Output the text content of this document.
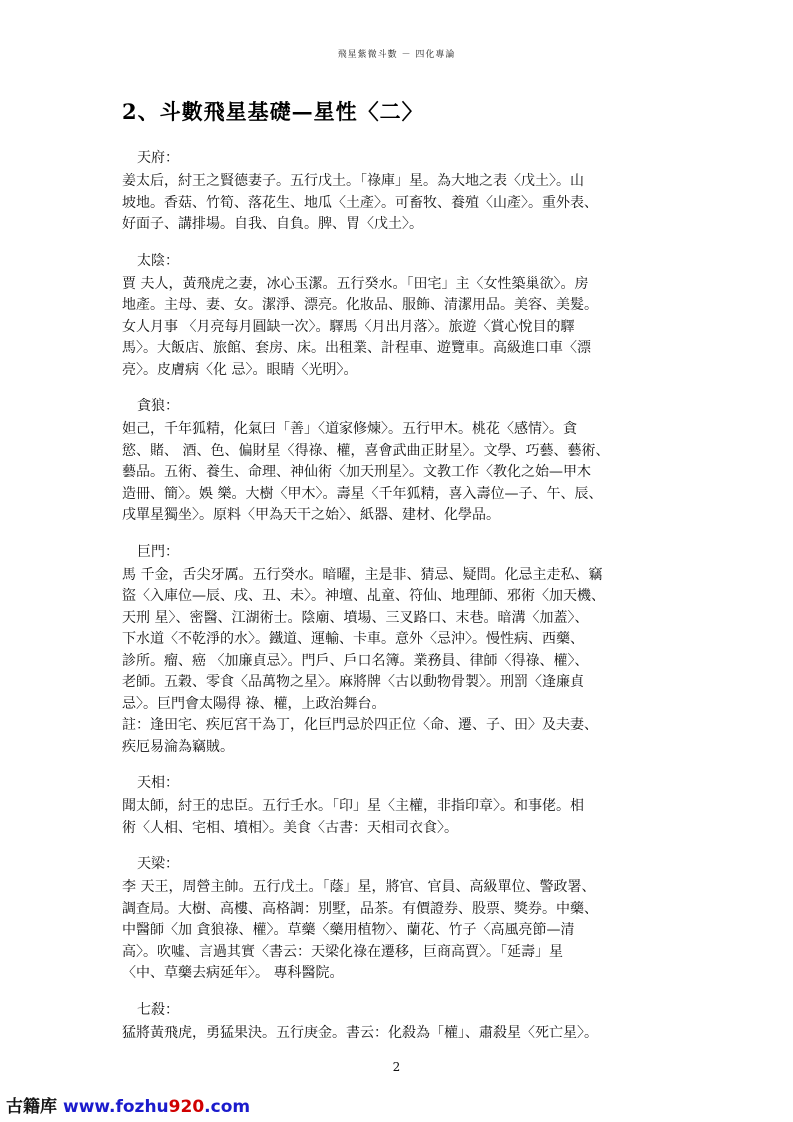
飛星紫微斗數 － 四化專論
2、斗數飛星基礎—星性〈二〉
天府：
姜太后，紂王之賢德妻子。五行戊土。「祿庫」星。為大地之表〈戊土〉。山
坡地。香菇、竹筍、落花生、地瓜〈土產〉。可畜牧、養殖〈山產〉。重外表、
好面子、講排場。自我、自負。脾、胃〈戊土〉。
太陰：
賈 夫人，黃飛虎之妻，冰心玉潔。五行癸水。「田宅」主〈女性築巢欲〉。房
地產。主母、妻、女。潔淨、漂亮。化妝品、服飾、清潔用品。美容、美髮。
女人月事 〈月亮每月圓缺一次〉。驛馬〈月出月落〉。旅遊〈賞心悅目的驛
馬〉。大飯店、旅館、套房、床。出租業、計程車、遊覽車。高級進口車〈漂
亮〉。皮膚病〈化 忌〉。眼睛〈光明〉。
貪狼：
妲己，千年狐精，化氣曰「善」〈道家修煉〉。五行甲木。桃花〈感情〉。貪
慾、賭、 酒、色、偏財星〈得祿、權，喜會武曲正財星〉。文學、巧藝、藝術、
藝品。五術、養生、命理、神仙術〈加天刑星〉。文教工作〈教化之始—甲木
造冊、簡〉。娛 樂。大樹〈甲木〉。壽星〈千年狐精，喜入壽位—子、午、辰、
戌單星獨坐〉。原料〈甲為天干之始〉、紙器、建材、化學品。
巨門：
馬 千金，舌尖牙厲。五行癸水。暗曜，主是非、猜忌、疑問。化忌主走私、竊
盜〈入庫位—辰、戌、丑、未〉。神壇、乩童、符仙、地理師、邪術〈加天機、
天刑 星〉、密醫、江湖術士。陰廟、墳場、三叉路口、末巷。暗溝〈加蓋〉、
下水道〈不乾淨的水〉。鐵道、運輸、卡車。意外〈忌沖〉。慢性病、西藥、
診所。瘤、癌 〈加廉貞忌〉。門戶、戶口名簿。業務員、律師〈得祿、權〉、
老師。五穀、零食〈品萬物之星〉。麻將牌〈古以動物骨製〉。刑罰〈逢廉貞
忌〉。巨門會太陽得 祿、權，上政治舞台。
註：逢田宅、疾厄宮干為丁，化巨門忌於四正位〈命、遷、子、田〉及夫妻、
疾厄易淪為竊賊。
天相：
聞太師，紂王的忠臣。五行壬水。「印」星〈主權，非指印章〉。和事佬。相
術〈人相、宅相、墳相〉。美食〈古書：天相司衣食〉。
天梁：
李 天王，周營主帥。五行戊土。「蔭」星，將官、官員、高級單位、警政署、
調查局。大樹、高樓、高格調：別墅，品茶。有價證券、股票、獎券。中藥、
中醫師〈加 貪狼祿、權〉。草藥〈藥用植物〉、蘭花、竹子〈高風亮節—清
高〉。吹噓、言過其實〈書云：天梁化祿在遷移，巨商高賈〉。「延壽」星
〈中、草藥去病延年〉。 專科醫院。
七殺：
猛將黃飛虎，勇猛果決。五行庚金。書云：化殺為「權」、肅殺星〈死亡星〉。
2
古籍库 www.fozhu920.com
